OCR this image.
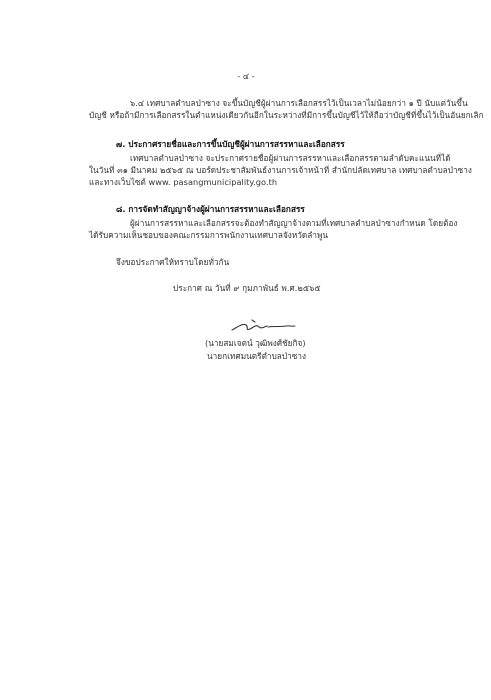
- ๔ -
๖.๔ เทศบาลตำบลป่าซาง จะขึ้นบัญชีผู้ผ่านการเลือกสรรไว้เป็นเวลาไม่น้อยกว่า ๑ ปี นับแต่วันขึ้น
บัญชี หรือถ้ามีการเลือกสรรในตำแหน่งเดียวกันอีกในระหว่างที่มีการขึ้นบัญชีไว้ให้ถือว่าบัญชีที่ขึ้นไว้เป็นอันยกเลิก
๗. ประกาศรายชื่อและการขึ้นบัญชีผู้ผ่านการสรรหาและเลือกสรร
เทศบาลตำบลป่าซาง จะประกาศรายชื่อผู้ผ่านการสรรหาและเลือกสรรตามลำดับคะแนนที่ได้
ในวันที่ ๓๑ มีนาคม ๒๕๖๕ ณ บอร์ดประชาสัมพันธ์งานการเจ้าหน้าที่ สำนักปลัดเทศบาล เทศบาลตำบลป่าซาง
และทางเว็บไซต์ www. pasangmunicipality.go.th
๘. การจัดทำสัญญาจ้างผู้ผ่านการสรรหาและเลือกสรร
ผู้ผ่านการสรรหาและเลือกสรรจะต้องทำสัญญาจ้างตามที่เทศบาลตำบลป่าซางกำหนด โดยต้อง
ได้รับความเห็นชอบของคณะกรรมการพนักงานเทศบาลจังหวัดลำพูน
จึงขอประกาศให้ทราบโดยทั่วกัน
ประกาศ ณ วันที่ ๙ กุมภาพันธ์ พ.ศ.๒๕๖๕
(นายสมเจตน์ วุฒิพงศ์ชัยกิจ)
นายกเทศมนตรีตำบลป่าซาง
